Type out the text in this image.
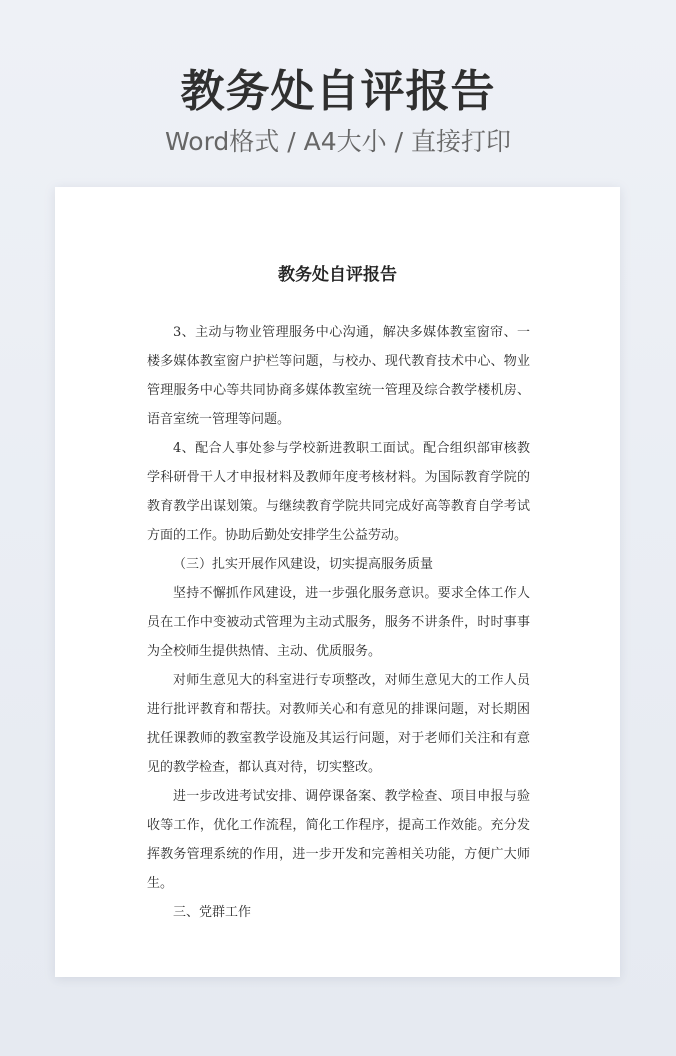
教务处自评报告
Word格式 / A4大小 / 直接打印
教务处自评报告

3、主动与物业管理服务中心沟通，解决多媒体教室窗帘、一楼多媒体教室窗户护栏等问题，与校办、现代教育技术中心、物业管理服务中心等共同协商多媒体教室统一管理及综合教学楼机房、语音室统一管理等问题。

4、配合人事处参与学校新进教职工面试。配合组织部审核教学科研骨干人才申报材料及教师年度考核材料。为国际教育学院的教育教学出谋划策。与继续教育学院共同完成好高等教育自学考试方面的工作。协助后勤处安排学生公益劳动。

（三）扎实开展作风建设，切实提高服务质量

坚持不懈抓作风建设，进一步强化服务意识。要求全体工作人员在工作中变被动式管理为主动式服务，服务不讲条件，时时事事为全校师生提供热情、主动、优质服务。

对师生意见大的科室进行专项整改，对师生意见大的工作人员进行批评教育和帮扶。对教师关心和有意见的排课问题，对长期困扰任课教师的教室教学设施及其运行问题，对于老师们关注和有意见的教学检查，都认真对待，切实整改。

进一步改进考试安排、调停课备案、教学检查、项目申报与验收等工作，优化工作流程，简化工作程序，提高工作效能。充分发挥教务管理系统的作用，进一步开发和完善相关功能，方便广大师生。

三、党群工作
